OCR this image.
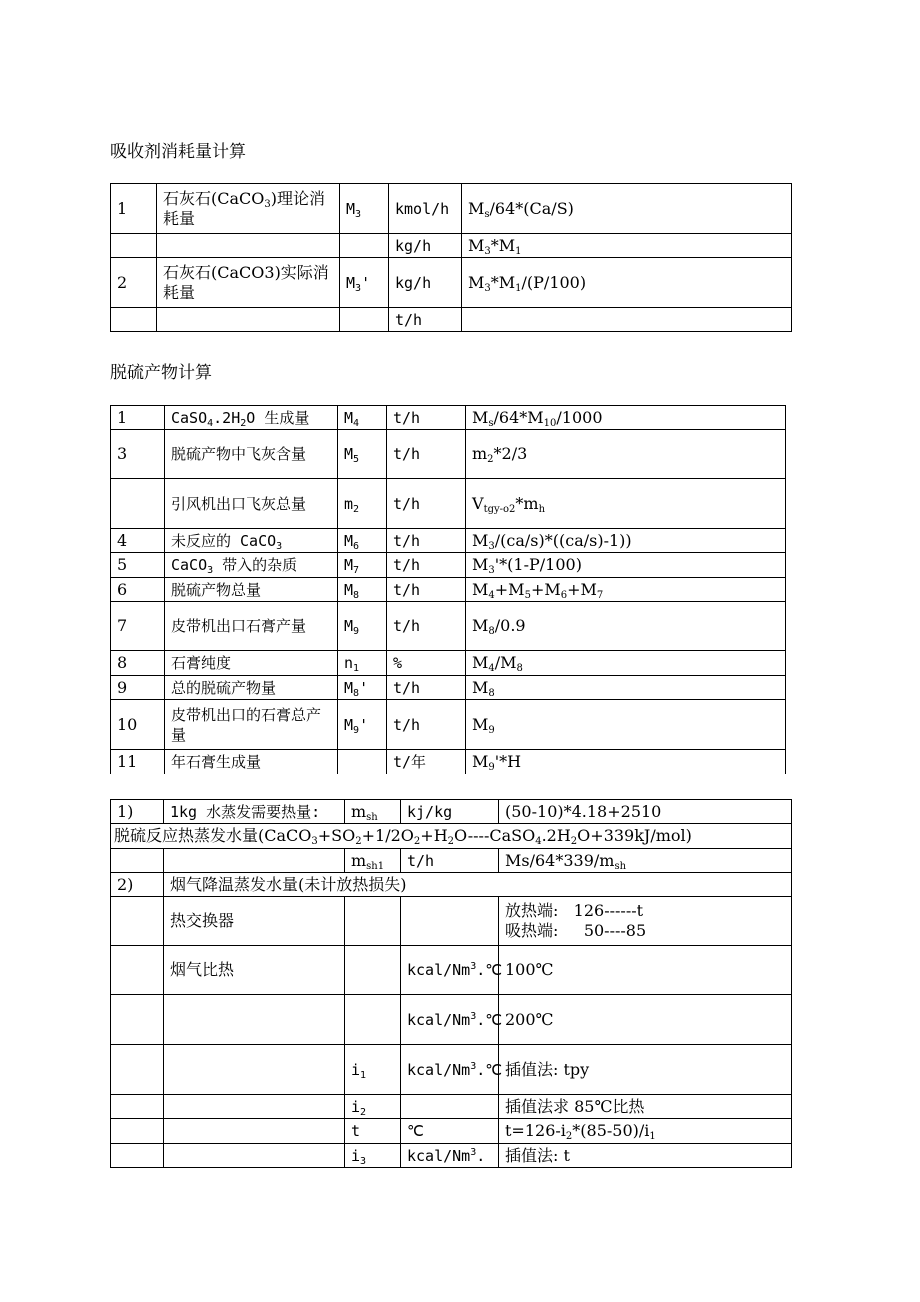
吸收剂消耗量计算
1	石灰石(CaCO$_3$)理论消耗量	$M_3$	kmol/h	$M_s/64*(Ca/S)$
			kg/h	$M_3*M_1$
2	石灰石(CaCO3)实际消耗量	$M_3'$	kg/h	$M_3*M_1/(P/100)$
			t/h	
脱硫产物计算
1	$CaSO_4.2H_2O$ 生成量	$M_4$	t/h	$M_s/64*M_{10}/1000$
3	脱硫产物中飞灰含量	$M_5$	t/h	$m_2*2/3$
	引风机出口飞灰总量	$m_2$	t/h	$V_{tgy-o2}*m_h$
4	未反应的 CaCO$_3$	$M_6$	t/h	$M_3/(ca/s)*((ca/s)-1)$)
5	CaCO$_3$ 带入的杂质	$M_7$	t/h	$M_3'*(1-P/100)$
6	脱硫产物总量	$M_8$	t/h	$M_4+M_5+M_6+M_7$
7	皮带机出口石膏产量	$M_9$	t/h	$M_8/0.9$
8	石膏纯度	$n_1$	%	$M_4/M_8$
9	总的脱硫产物量	$M_8'$	t/h	$M_8$
10	皮带机出口的石膏总产量	$M_9'$	t/h	$M_9$
11	年石膏生成量		t/年	$M_9'*H$
1)	1kg 水蒸发需要热量:	$m_{sh}$	kj/kg	(50-10)*4.18+2510
脱硫反应热蒸发水量$(CaCO_3+SO_2+1/2O_2+H_2O----CaSO_4.2H_2O+339kJ/mol)$				
		$m_{sh1}$	t/h	$Ms/64*339/m_{sh}$
2)	烟气降温蒸发水量(未计放热损失)			
	热交换器			放热端:   126------t
吸热端:     50----85

	烟气比热		kcal/Nm$^3$.℃	100℃
			kcal/Nm$^3$.℃	200℃
		$i_1$	kcal/Nm$^3$.℃	插值法: tpy
		$i_2$		插值法求 85℃比热
		t	℃	$t=126-i_2*(85-50)/i_1$
		$i_3$	kcal/Nm$^3$.	插值法: t
